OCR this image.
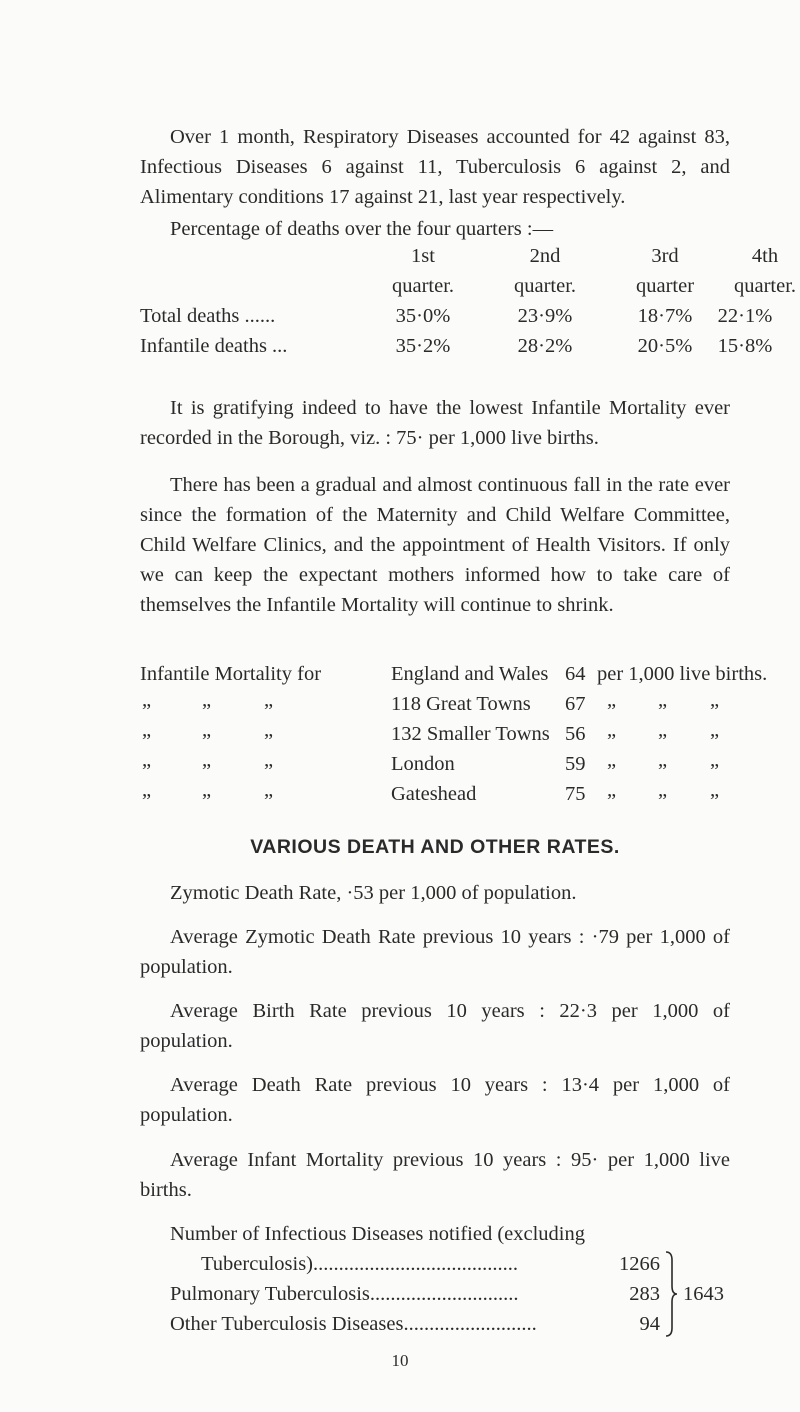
Over 1 month, Respiratory Diseases accounted for 42 against 83, Infectious Diseases 6 against 11, Tuberculosis 6 against 2, and Alimentary conditions 17 against 21, last year respectively.
Percentage of deaths over the four quarters :—
1st	2nd	3rd	4th
quarter.	quarter.	quarter	quarter.
Total deaths ......	35·0%	23·9%	18·7%	22·1%
Infantile deaths ...	35·2%	28·2%	20·5%	15·8%
It is gratifying indeed to have the lowest Infantile Mortality ever recorded in the Borough, viz. : 75· per 1,000 live births.
There has been a gradual and almost continuous fall in the rate ever since the formation of the Maternity and Child Welfare Committee, Child Welfare Clinics, and the appointment of Health Visitors. If only we can keep the expectant mothers informed how to take care of themselves the Infantile Mortality will continue to shrink.
Infantile Mortality for	England and Wales 64 per 1,000 live births.
„ „	„	118 Great Towns 67 „ „ „
„ „	„	132 Smaller Towns 56 „ „ „
„ „	„	London	59 „ „ „
„ „	„	Gateshead	75 „ „ „
VARIOUS DEATH AND OTHER RATES.
Zymotic Death Rate, ·53 per 1,000 of population.
Average Zymotic Death Rate previous 10 years : ·79 per 1,000 of population.
Average Birth Rate previous 10 years : 22·3 per 1,000 of population.
Average Death Rate previous 10 years : 13·4 per 1,000 of population.
Average Infant Mortality previous 10 years : 95· per 1,000 live births.
Number of Infectious Diseases notified (excluding
Tuberculosis)........................................	1266
Pulmonary Tuberculosis.............................	283
Other Tuberculosis Diseases..........................	94
1643
10
